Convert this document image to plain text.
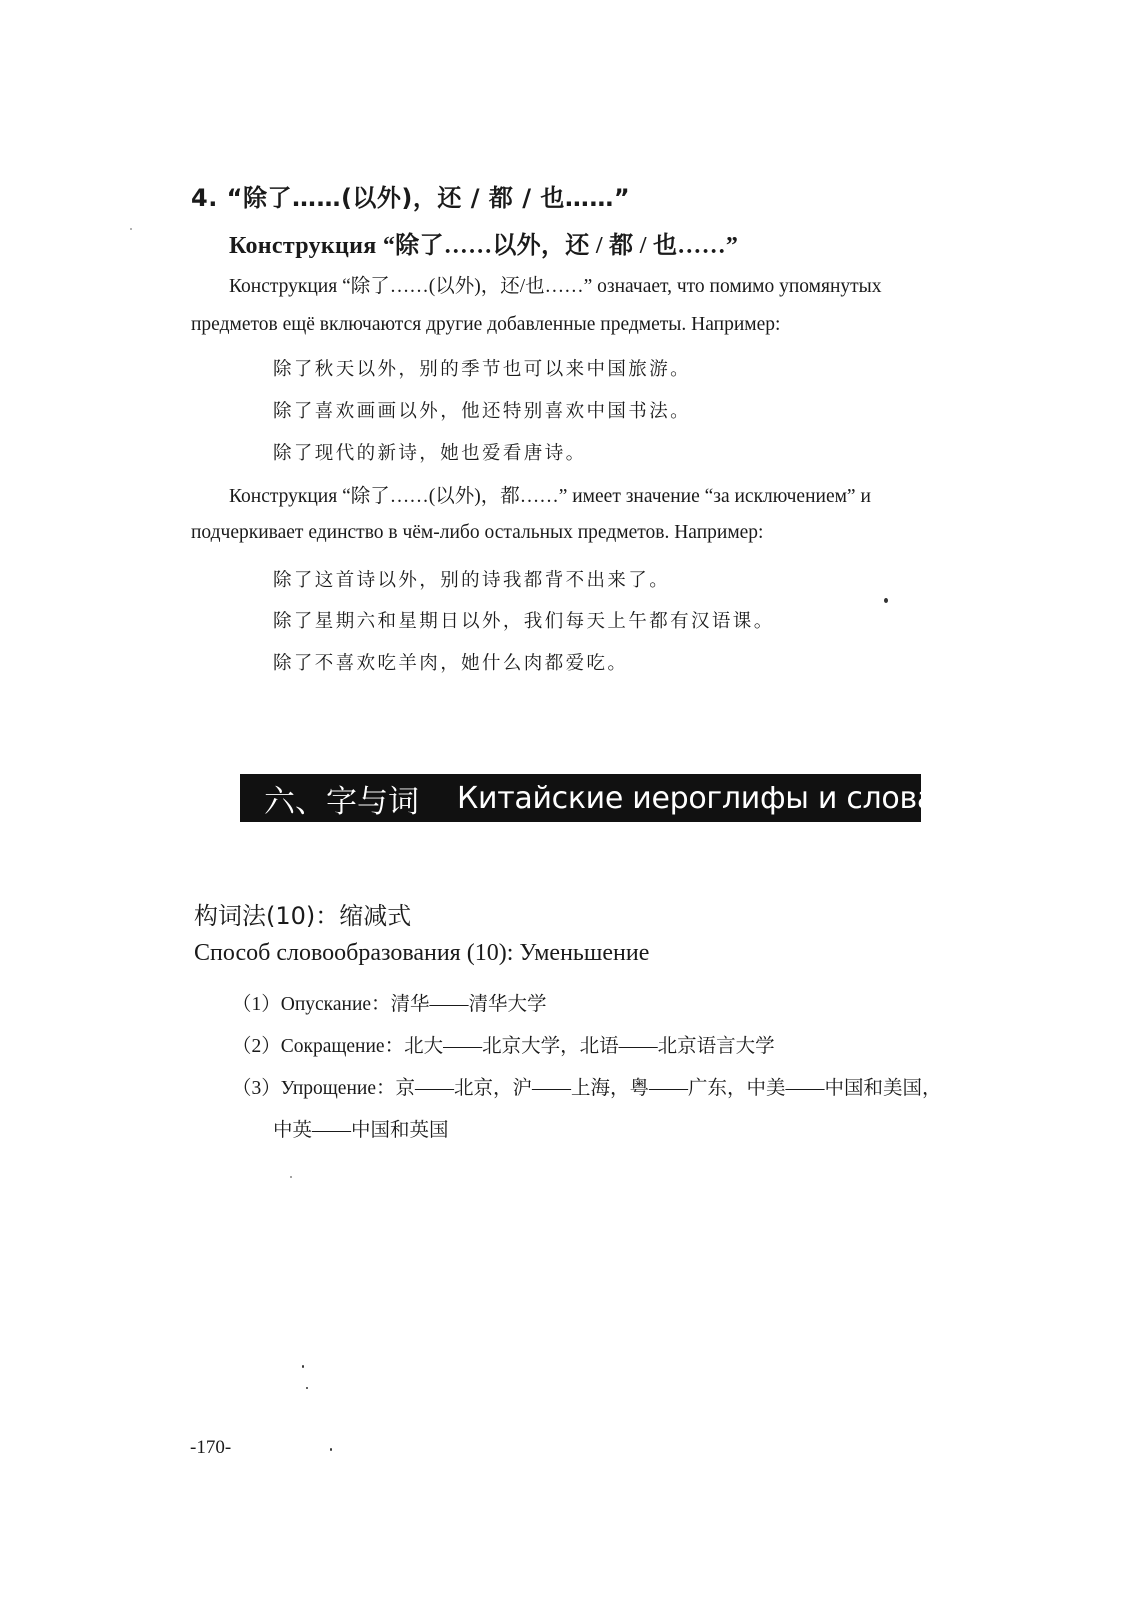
4. “除了……(以外)，还 / 都 / 也……”
Конструкция “除了……以外，还 / 都 / 也……”
Конструкция “除了……(以外)，还/也……” означает, что помимо упомянутых
предметов ещё включаются другие добавленные предметы. Например:
除了秋天以外，别的季节也可以来中国旅游。
除了喜欢画画以外，他还特别喜欢中国书法。
除了现代的新诗，她也爱看唐诗。
Конструкция “除了……(以外)，都……” имеет значение “за исключением” и
подчеркивает единство в чём-либо остальных предметов. Например:
除了这首诗以外，别的诗我都背不出来了。
除了星期六和星期日以外，我们每天上午都有汉语课。
除了不喜欢吃羊肉，她什么肉都爱吃。
六、字与词 Китайские иероглифы и слова
构词法(10)：缩减式
Способ словообразования (10): Уменьшение
（1）Опускание：清华——清华大学
（2）Сокращение：北大——北京大学，北语——北京语言大学
（3）Упрощение：京——北京，沪——上海，粤——广东，中美——中国和美国，
中英——中国和英国
-170-
